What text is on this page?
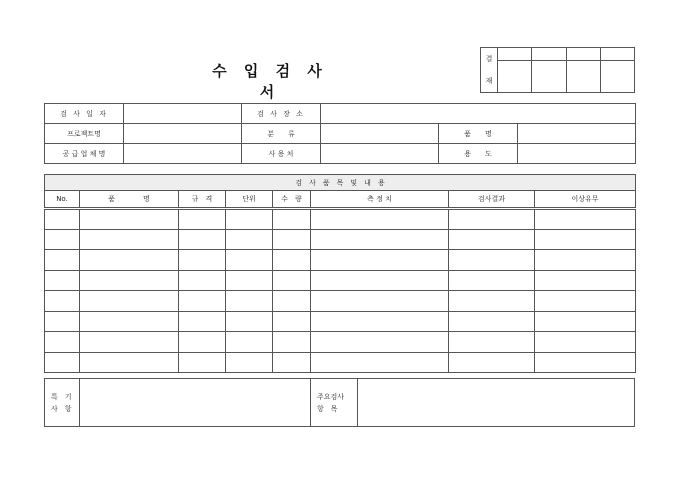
수 입 검 사 서
결
재				

검 사 일 자		검 사 장 소			
프로젝트명		분　　류		품　　명	
공 급 업 체 명		사 용 처		용　　도	
검　사　품　목　및　내　용							
No.	품　　　　명	규　격	단위	수　량	측 정 치	검사결과	이상유무

특　기
사　항

주요검사
항　목
